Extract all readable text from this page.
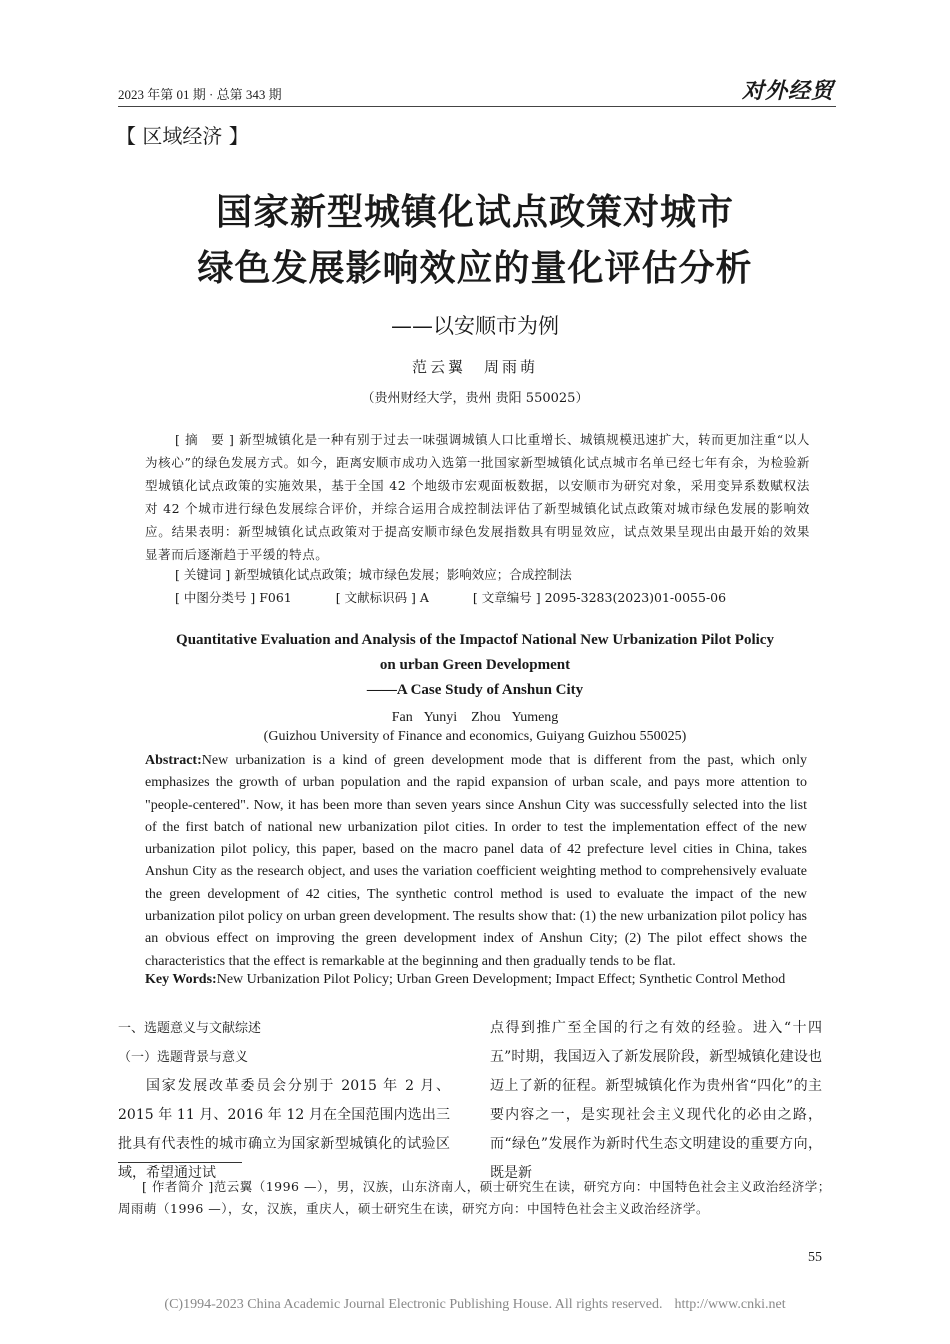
2023 年第 01 期 · 总第 343 期	对外经贸
【 区域经济 】
国家新型城镇化试点政策对城市
绿色发展影响效应的量化评估分析
——以安顺市为例
范云翼　周雨萌
（贵州财经大学，贵州 贵阳 550025）
[ 摘　要 ] 新型城镇化是一种有别于过去一味强调城镇人口比重增长、城镇规模迅速扩大，转而更加注重“以人为核心”的绿色发展方式。如今，距离安顺市成功入选第一批国家新型城镇化试点城市名单已经七年有余，为检验新型城镇化试点政策的实施效果，基于全国 42 个地级市宏观面板数据，以安顺市为研究对象，采用变异系数赋权法对 42 个城市进行绿色发展综合评价，并综合运用合成控制法评估了新型城镇化试点政策对城市绿色发展的影响效应。结果表明：新型城镇化试点政策对于提高安顺市绿色发展指数具有明显效应，试点效果呈现出由最开始的效果显著而后逐渐趋于平缓的特点。
[ 关键词 ] 新型城镇化试点政策；城市绿色发展；影响效应；合成控制法
[ 中图分类号 ] F061	[ 文献标识码 ] A	[ 文章编号 ] 2095-3283(2023)01-0055-06
Quantitative Evaluation and Analysis of the Impactof National New Urbanization Pilot Policy
on urban Green Development
——A Case Study of Anshun City
Fan Yunyi　Zhou Yumeng
(Guizhou University of Finance and economics, Guiyang Guizhou 550025)
Abstract:New urbanization is a kind of green development mode that is different from the past, which only emphasizes the growth of urban population and the rapid expansion of urban scale, and pays more attention to "people-centered". Now, it has been more than seven years since Anshun City was successfully selected into the list of the first batch of national new urbanization pilot cities. In order to test the implementation effect of the new urbanization pilot policy, this paper, based on the macro panel data of 42 prefecture level cities in China, takes Anshun City as the research object, and uses the variation coefficient weighting method to comprehensively evaluate the green development of 42 cities, The synthetic control method is used to evaluate the impact of the new urbanization pilot policy on urban green development. The results show that: (1) the new urbanization pilot policy has an obvious effect on improving the green development index of Anshun City; (2) The pilot effect shows the characteristics that the effect is remarkable at the beginning and then gradually tends to be flat.
Key Words:New Urbanization Pilot Policy; Urban Green Development; Impact Effect; Synthetic Control Method
一、选题意义与文献综述
（一）选题背景与意义
国家发展改革委员会分别于 2015 年 2 月、2015 年 11 月、2016 年 12 月在全国范围内选出三批具有代表性的城市确立为国家新型城镇化的试验区域，希望通过试
点得到推广至全国的行之有效的经验。进入“十四五”时期，我国迈入了新发展阶段，新型城镇化建设也迈上了新的征程。新型城镇化作为贵州省“四化”的主要内容之一，是实现社会主义现代化的必由之路，而“绿色”发展作为新时代生态文明建设的重要方向，既是新
[ 作者简介 ]范云翼（1996 —），男，汉族，山东济南人，硕士研究生在读，研究方向：中国特色社会主义政治经济学；周雨萌（1996 —），女，汉族，重庆人，硕士研究生在读，研究方向：中国特色社会主义政治经济学。
55
(C)1994-2023 China Academic Journal Electronic Publishing House. All rights reserved. http://www.cnki.net
